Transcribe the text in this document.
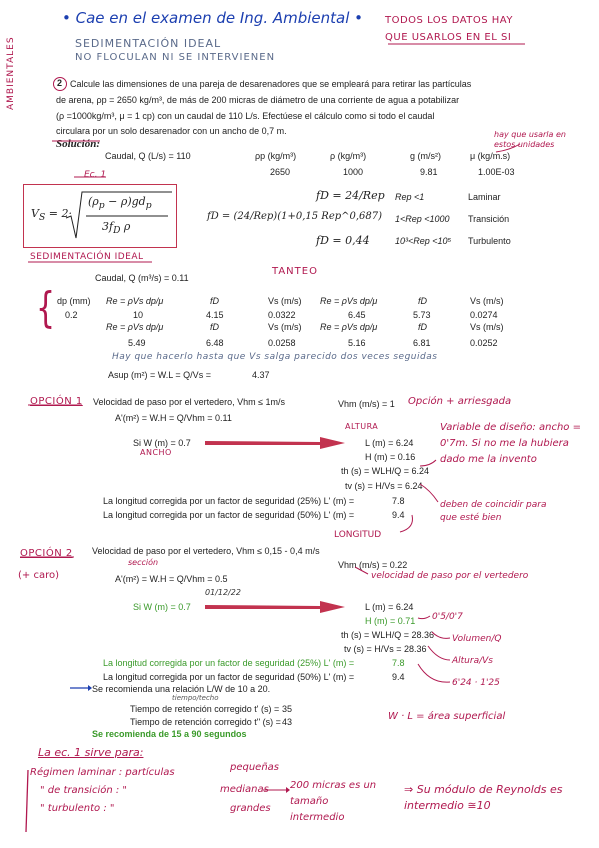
• Cae en el examen de Ing. Ambiental • TODOS LOS DATOS HAY QUE USARLOS EN EL SI
AMBIENTALES	SEDIMENTACIÓN IDEAL
NO FLOCULAN NI SE INTERVIENEN
2 Calcule las dimensiones de una pareja de desarenadores que se empleará para retirar las partículas
de arena, ρp = 2650 kg/m³, de más de 200 micras de diámetro de una corriente de agua a potabilizar
(ρ =1000kg/m³, μ = 1 cp) con un caudal de 110 L/s. Efectúese el cálculo como si todo el caudal
circulara por un solo desarenador con un ancho de 0,7 m.
Solución:
Caudal, Q (L/s) = 110	ρp (kg/m³)	ρ (kg/m³)	g (m/s²)	μ (kg/m.s)
2650	1000	9.81	1.00E-03
hay que usarla en estos unidades
Ec. 1
$V_S = 2\cdot$
$(\rho_p - \rho)gd_p$
$3f_D$ ρ
SEDIMENTACIÓN IDEAL
fD = 24/Rep Rep <1	Laminar
fD = (24/Rep)(1+0,15 Rep^0,687) 1<Rep <1000 Transición
fD = 0,44	10³<Rep <10⁵ Turbulento
Caudal, Q (m³/s) = 0.11
TANTEO
{ dp (mm) Re = ρVs dp/μ	fD	Vs (m/s) Re = ρVs dp/μ	fD	Vs (m/s)
0.2	10	4.15	0.0322	6.45	5.73	0.0274
Re = ρVs dp/μ	fD	Vs (m/s) Re = ρVs dp/μ	fD	Vs (m/s)
5.49	6.48	0.0258	5.16	6.81	0.0252
Hay que hacerlo hasta que Vs salga parecido dos veces seguidas
Asup (m²) = W.L = Q/Vs =	4.37
OPCIÓN 1 Velocidad de paso por el vertedero, Vhm ≤ 1m/s	Vhm (m/s) = 1 Opción + arriesgada
A'(m²) = W.H = Q/Vhm = 0.11
ALTURA
Si W (m) = 0.7
ANCHO
L (m) = 6.24
H (m) = 0.16
th (s) = WLH/Q = 6.24
tv (s) = H/Vs = 6.24
Variable de diseño: ancho = 0'7m. Si no me la hubiera dado me la invento
deben de coincidir para que esté bien
La longitud corregida por un factor de seguridad (25%) L' (m) =	7.8
La longitud corregida por un factor de seguridad (50%) L' (m) =	9.4
LONGITUD
OPCIÓN 2
(+ caro)
Velocidad de paso por el vertedero, Vhm ≤ 0,15 - 0,4 m/s
sección	Vhm (m/s) = 0.22
velocidad de paso por el vertedero
A'(m²) = W.H = Q/Vhm = 0.5
01/12/22
Si W (m) = 0.7	L (m) = 6.24
H (m) = 0.71
th (s) = WLH/Q = 28.36
tv (s) = H/Vs = 28.36
0'5/0'7
Volumen/Q
Altura/Vs
6'24 · 1'25
La longitud corregida por un factor de seguridad (25%) L' (m) =	7.8
La longitud corregida por un factor de seguridad (50%) L' (m) =	9.4
Se recomienda una relación L/W de 10 a 20.
tiempo/techo
Tiempo de retención corregido t' (s) = 35
Tiempo de retención corregido t'' (s) = 43
Se recomienda de 15 a 90 segundos
W · L = área superficial
La ec. 1 sirve para:
Régimen laminar : partículas	pequeñas
" de transición : "	medianas
" turbulento : "	grandes
200 micras es un tamaño intermedio
⇒ Su módulo de Reynolds es intermedio ≅10
